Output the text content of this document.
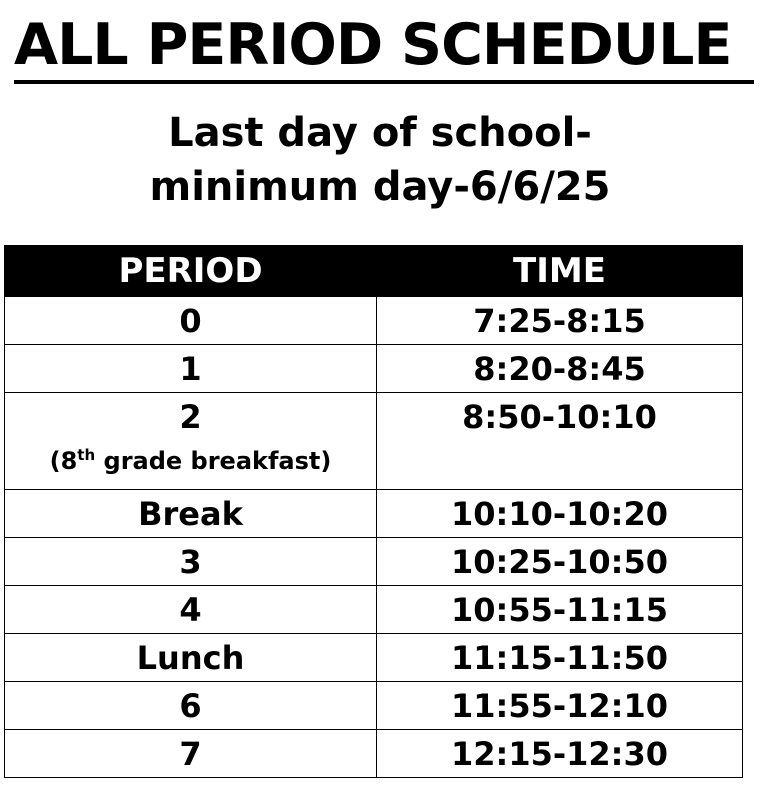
ALL PERIOD SCHEDULE
Last day of school-
minimum day-6/6/25
PERIOD	TIME
0	7:25-8:15
1	8:20-8:45

2
(8th grade breakfast)	8:50-10:10

Break	10:10-10:20
3	10:25-10:50
4	10:55-11:15
Lunch	11:15-11:50
6	11:55-12:10
7	12:15-12:30
